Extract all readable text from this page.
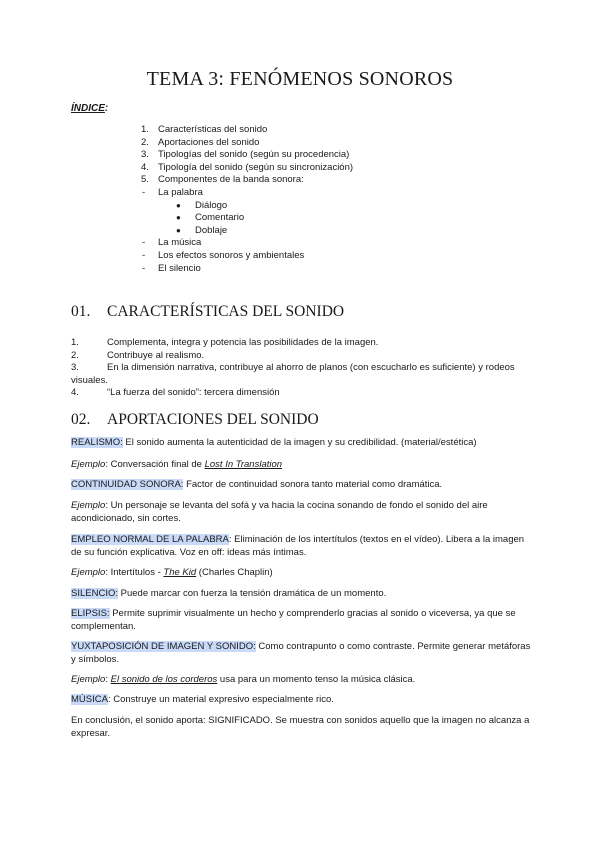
TEMA 3: FENÓMENOS SONOROS
ÍNDICE:
1. Características del sonido
2. Aportaciones del sonido
3. Tipologías del sonido (según su procedencia)
4. Tipología del sonido (según su sincronización)
5. Componentes de la banda sonora:
- La palabra
● Diálogo
● Comentario
● Doblaje
- La música
- Los efectos sonoros y ambientales
- El silencio
01. CARACTERÍSTICAS DEL SONIDO
1.	Complementa, integra y potencia las posibilidades de la imagen.
2.	Contribuye al realismo.
3.	En la dimensión narrativa, contribuye al ahorro de planos (con escucharlo es suficiente) y rodeos
visuales.
4.	“La fuerza del sonido”: tercera dimensión
02. APORTACIONES DEL SONIDO
REALISMO: El sonido aumenta la autenticidad de la imagen y su credibilidad. (material/estética)
Ejemplo: Conversación final de Lost In Translation
CONTINUIDAD SONORA: Factor de continuidad sonora tanto material como dramática.
Ejemplo: Un personaje se levanta del sofá y va hacia la cocina sonando de fondo el sonido del aire acondicionado, sin cortes.
EMPLEO NORMAL DE LA PALABRA: Eliminación de los intertítulos (textos en el vídeo). Libera a la imagen de su función explicativa. Voz en off: ideas más íntimas.
Ejemplo: Intertítulos - The Kid (Charles Chaplin)
SILENCIO: Puede marcar con fuerza la tensión dramática de un momento.
ELIPSIS: Permite suprimir visualmente un hecho y comprenderlo gracias al sonido o viceversa, ya que se complementan.
YUXTAPOSICIÓN DE IMAGEN Y SONIDO: Como contrapunto o como contraste. Permite generar metáforas y símbolos.
Ejemplo: El sonido de los corderos usa para un momento tenso la música clásica.
MÚSICA: Construye un material expresivo especialmente rico.
En conclusión, el sonido aporta: SIGNIFICADO. Se muestra con sonidos aquello que la imagen no alcanza a expresar.
